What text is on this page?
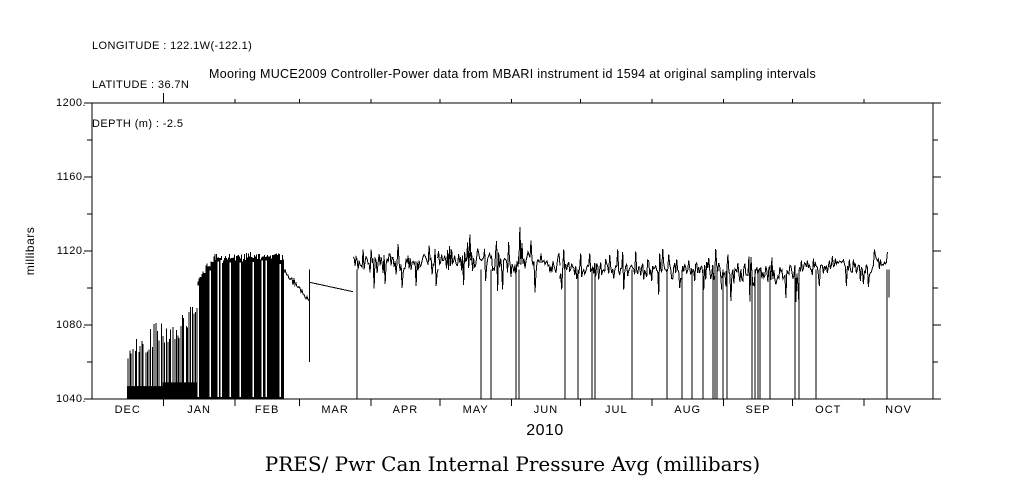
LONGITUDE : 122.1W(-122.1)

LATITUDE : 36.7N

DEPTH (m) : -2.5

Mooring MUCE2009 Controller-Power data from MBARI instrument id 1594 at original sampling intervals
millibars
1040.
1080.
1120.
1160.
1200.
DEC	JAN	FEB	MAR	APR	MAY	JUN	JUL	AUG	SEP	OCT	NOV
2010
PRES/ Pwr Can Internal Pressure Avg (millibars)
